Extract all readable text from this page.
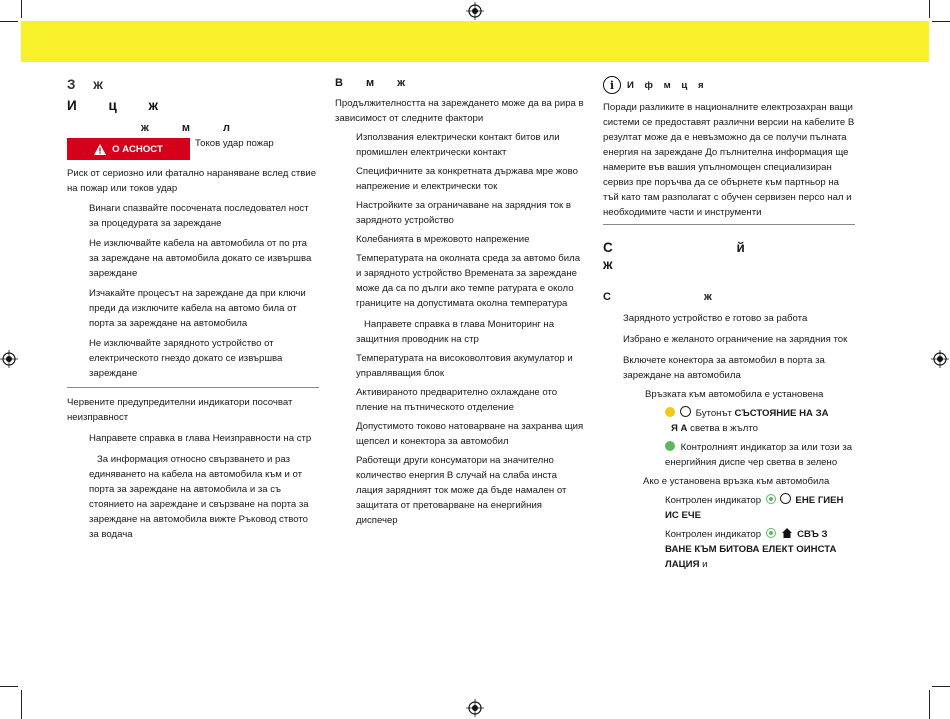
З ж

И ц ж

ж м л

О АСНОСТ	Токов удар пожар

Риск от сериозно или фатално нараняване вслед ствие на пожар или токов удар

Винаги спазвайте посочената последовател ност за процедурата за зареждане

Не изключвайте кабела на автомобила от по рта за зареждане на автомобила докато се извършва зареждане

Изчакайте процесът на зареждане да при ключи преди да изключите кабела на автомо била от порта за зареждане на автомобила

Не изключвайте зарядното устройство от електрическото гнездо докато се извършва зареждане

Червените предупредителни индикатори посочват неизправност

Направете справка в глава Неизправности на стр

За информация относно свързването и раз единяването на кабела на автомобила към и от порта за зареждане на автомобила и за съ стоянието на зареждане и свързване на порта за зареждане на автомобила вижте Ръковод ството за водача

В м ж

Продължителността на зареждането може да ва рира в зависимост от следните фактори

Използвания електрически контакт битов или промишлен електрически контакт

Специфичните за конкретната държава мре жово напрежение и електрически ток

Настройките за ограничаване на зарядния ток в зарядното устройство

Колебанията в мрежовото напрежение

Температурата на околната среда за автомо била и зарядното устройство Времената за зареждане може да са по дълги ако темпе ратурата е около границите на допустимата околна температура

Направете справка в глава Мониторинг на защитния проводник на стр

Температурата на високоволтовия акумулатор и управляващия блок

Активираното предварително охлаждане ото пление на пътническото отделение

Допустимото токово натоварване на захранва щия щепсел и конектора за автомобил

Работещи други консуматори на значително количество енергия В случай на слаба инста лация зарядният ток може да бъде намален от защитата от претоварване на енергийния диспечер

i	И ф м ц я

Поради разликите в националните електрозахран ващи системи се предоставят различни версии на кабелите В резултат може да е невъзможно да се получи пълната енергия на зареждане До пълнителна информация ще намерите във вашия упълномощен специализиран сервиз пре поръчва да се обърнете към партньор на тъй като там разполагат с обучен сервизен персо нал и необходимите части и инструменти

С й ж

С ж

Зарядното устройство е готово за работа

Избрано е желаното ограничение на зарядния ток

Включете конектора за автомобил в порта за зареждане на автомобила

Връзката към автомобила е установена

Бутонът СЪСТОЯНИЕ НА ЗА
Я А светва в жълто

Контролният индикатор за или този за енергийния диспе чер светва в зелено

Ако е установена връзка към автомобила

Контролен индикатор	ЕНЕ ГИЕН ИС ЕЧЕ

Контролен индикатор	СВЪ З ВАНЕ КЪМ БИТОВА ЕЛЕКТ ОИНСТА ЛАЦИЯ и
